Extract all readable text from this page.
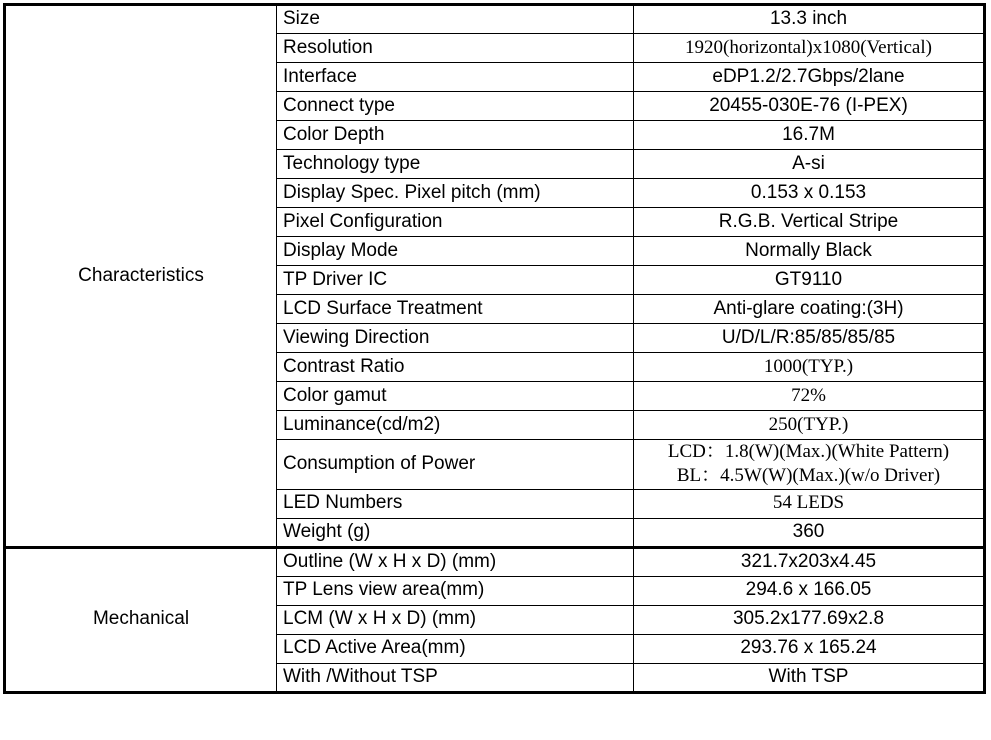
Characteristics	Size	13.3 inch
	Resolution	1920(horizontal)x1080(Vertical)
	Interface	eDP1.2/2.7Gbps/2lane
	Connect type	20455-030E-76 (I-PEX)
	Color Depth	16.7M
	Technology type	A-si
	Display Spec. Pixel pitch (mm)	0.153 x 0.153
	Pixel Configuration	R.G.B. Vertical Stripe
	Display Mode	Normally Black
	TP Driver IC	GT9110
	LCD Surface Treatment	Anti-glare coating:(3H)
	Viewing Direction	U/D/L/R:85/85/85/85
	Contrast Ratio	1000(TYP.)
	Color gamut	72%
	Luminance(cd/m2)	250(TYP.)
	Consumption of Power	LCD：1.8(W)(Max.)(White Pattern)
BL：4.5W(W)(Max.)(w/o Driver)
	LED Numbers	54 LEDS
	Weight (g)	360
Mechanical	Outline (W x H x D) (mm)	321.7x203x4.45
	TP Lens view area(mm)	294.6 x 166.05
	LCM (W x H x D) (mm)	305.2x177.69x2.8
	LCD Active Area(mm)	293.76 x 165.24
	With /Without TSP	With TSP
